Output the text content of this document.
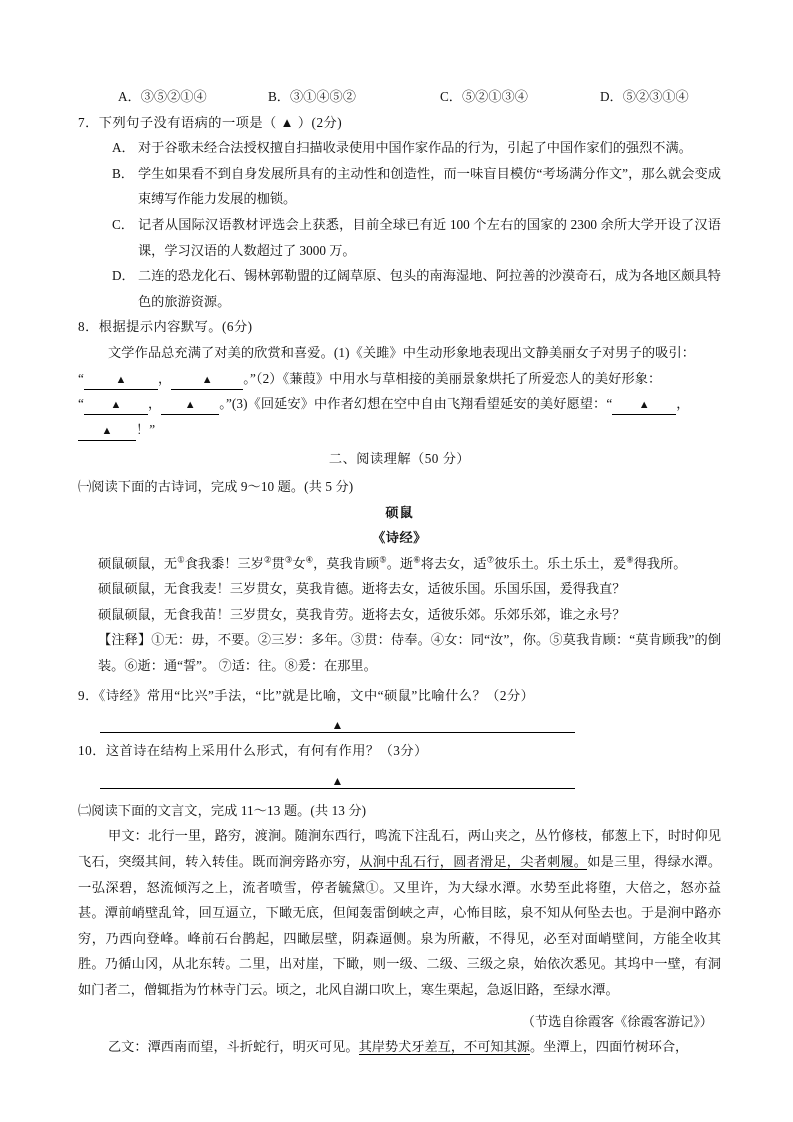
A．③⑤②①④	B．③①④⑤②	C．⑤②①③④	D．⑤②③①④
7．下列句子没有语病的一项是（ ▲ ）(2分)
A． 对于谷歌未经合法授权擅自扫描收录使用中国作家作品的行为，引起了中国作家们的强烈不满。
B． 学生如果看不到自身发展所具有的主动性和创造性，而一味盲目模仿“考场满分作文”，那么就会变成束缚写作能力发展的枷锁。
C． 记者从国际汉语教材评选会上获悉，目前全球已有近 100 个左右的国家的 2300 余所大学开设了汉语课，学习汉语的人数超过了 3000 万。
D． 二连的恐龙化石、锡林郭勒盟的辽阔草原、包头的南海湿地、阿拉善的沙漠奇石，成为各地区颇具特色的旅游资源。
8．根据提示内容默写。(6分)
文学作品总充满了对美的欣赏和喜爱。(1)《关雎》中生动形象地表现出文静美丽女子对男子的吸引：
“	▲ ，	▲ 。”（2）《蒹葭》中用水与草相接的美丽景象烘托了所爱恋人的美好形象：
“ ▲ ， ▲ 。”(3)《回延安》中作者幻想在空中自由飞翔看望延安的美好愿望：“ ▲ ，
▲ ！”
二、阅读理解（50 分）
㈠阅读下面的古诗词，完成 9～10 题。(共 5 分)
硕鼠
《诗经》
硕鼠硕鼠，无①食我黍！三岁②贯③女④，莫我肯顾⑤。逝⑥将去女，适⑦彼乐土。乐土乐土，爰⑧得我所。
硕鼠硕鼠，无食我麦！三岁贯女，莫我肯德。逝将去女，适彼乐国。乐国乐国，爰得我直？
硕鼠硕鼠，无食我苗！三岁贯女，莫我肯劳。逝将去女，适彼乐郊。乐郊乐郊，谁之永号？
【注释】①无：毋，不要。②三岁：多年。③贯：侍奉。④女：同“汝”，你。⑤莫我肯顾：“莫肯顾我”的倒装。⑥逝：通“誓”。 ⑦适：往。⑧爰：在那里。
9．《诗经》常用“比兴”手法，“比”就是比喻，文中“硕鼠”比喻什么？（2分）
▲
10．这首诗在结构上采用什么形式，有何有作用？（3分）
▲
㈡阅读下面的文言文，完成 11～13 题。(共 13 分)
甲文：北行一里，路穷，渡涧。随涧东西行，鸣流下注乱石，两山夹之，丛竹修枝，郁葱上下，时时仰见飞石，突缀其间，转入转佳。既而涧旁路亦穷，从涧中乱石行，圆者滑足，尖者刺履。如是三里，得绿水潭。一弘深碧，怒流倾泻之上，流者喷雪，停者毓黛①。又里许，为大绿水潭。水势至此将堕，大倍之，怒亦益甚。潭前峭壁乱耸，回互逼立，下瞰无底，但闻轰雷倒峡之声，心怖目眩，泉不知从何坠去也。于是涧中路亦穷，乃西向登峰。峰前石台鹊起，四瞰层壁，阴森逼侧。泉为所蔽，不得见，必至对面峭壁间，方能全收其胜。乃循山冈，从北东转。二里，出对崖，下瞰，则一级、二级、三级之泉，始依次悉见。其坞中一壁，有洞如门者二，僧辄指为竹林寺门云。顷之，北风自湖口吹上，寒生栗起，急返旧路，至绿水潭。
（节选自徐霞客《徐霞客游记》）
乙文：潭西南而望，斗折蛇行，明灭可见。其岸势犬牙差互，不可知其源。坐潭上，四面竹树环合，
